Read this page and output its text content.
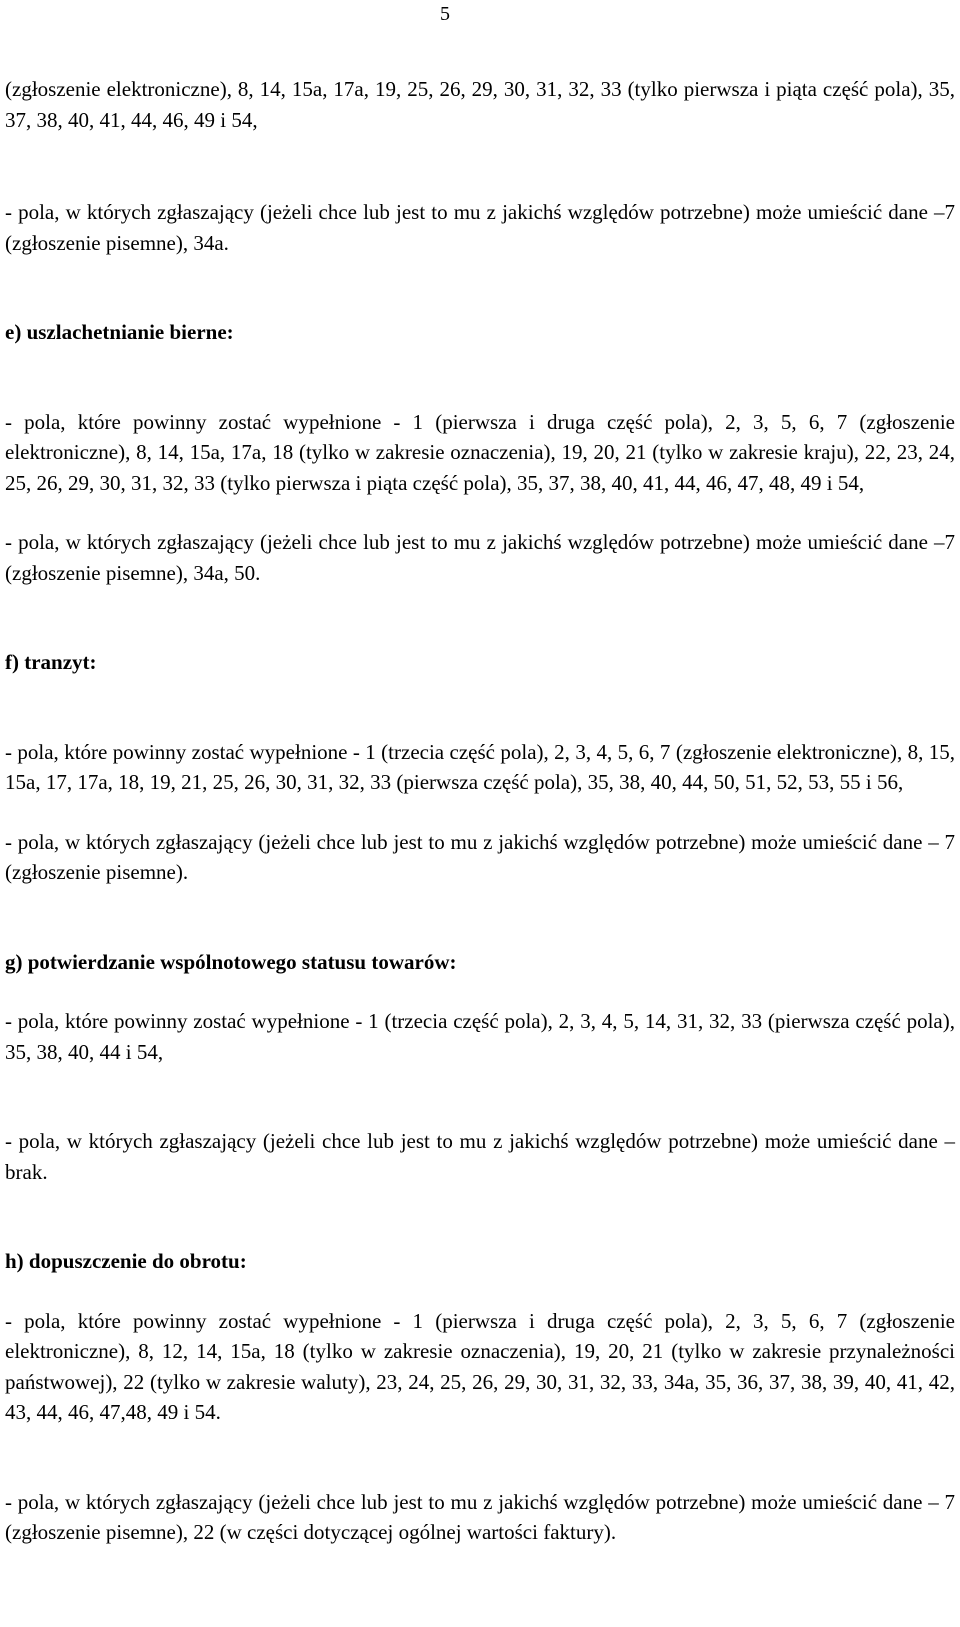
5

(zgłoszenie elektroniczne), 8, 14, 15a, 17a, 19, 25, 26, 29, 30, 31, 32, 33 (tylko pierwsza i piąta część pola), 35, 37, 38, 40, 41, 44, 46, 49 i 54,

- pola, w których zgłaszający (jeżeli chce lub jest to mu z jakichś względów potrzebne) może umieścić dane –7 (zgłoszenie pisemne), 34a.

e) uszlachetnianie bierne:

- pola, które powinny zostać wypełnione - 1 (pierwsza i druga część pola), 2, 3, 5, 6, 7 (zgłoszenie elektroniczne), 8, 14, 15a, 17a, 18 (tylko w zakresie oznaczenia), 19, 20, 21 (tylko w zakresie kraju), 22, 23, 24, 25, 26, 29, 30, 31, 32, 33 (tylko pierwsza i piąta część pola), 35, 37, 38, 40, 41, 44, 46, 47, 48, 49 i 54,

- pola, w których zgłaszający (jeżeli chce lub jest to mu z jakichś względów potrzebne) może umieścić dane –7 (zgłoszenie pisemne), 34a, 50.

f) tranzyt:

- pola, które powinny zostać wypełnione - 1 (trzecia część pola), 2, 3, 4, 5, 6, 7 (zgłoszenie elektroniczne), 8, 15, 15a, 17, 17a, 18, 19, 21, 25, 26, 30, 31, 32, 33 (pierwsza część pola), 35, 38, 40, 44, 50, 51, 52, 53, 55 i 56,

- pola, w których zgłaszający (jeżeli chce lub jest to mu z jakichś względów potrzebne) może umieścić dane – 7 (zgłoszenie pisemne).

g) potwierdzanie wspólnotowego statusu towarów:

- pola, które powinny zostać wypełnione - 1 (trzecia część pola), 2, 3, 4, 5, 14, 31, 32, 33 (pierwsza część pola), 35, 38, 40, 44 i 54,

- pola, w których zgłaszający (jeżeli chce lub jest to mu z jakichś względów potrzebne) może umieścić dane – brak.

h) dopuszczenie do obrotu:

- pola, które powinny zostać wypełnione - 1 (pierwsza i druga część pola), 2, 3, 5, 6, 7 (zgłoszenie elektroniczne), 8, 12, 14, 15a, 18 (tylko w zakresie oznaczenia), 19, 20, 21 (tylko w zakresie przynależności państwowej), 22 (tylko w zakresie waluty), 23, 24, 25, 26, 29, 30, 31, 32, 33, 34a, 35, 36, 37, 38, 39, 40, 41, 42, 43, 44, 46, 47,48, 49 i 54.

- pola, w których zgłaszający (jeżeli chce lub jest to mu z jakichś względów potrzebne) może umieścić dane – 7 (zgłoszenie pisemne), 22 (w części dotyczącej ogólnej wartości faktury).
